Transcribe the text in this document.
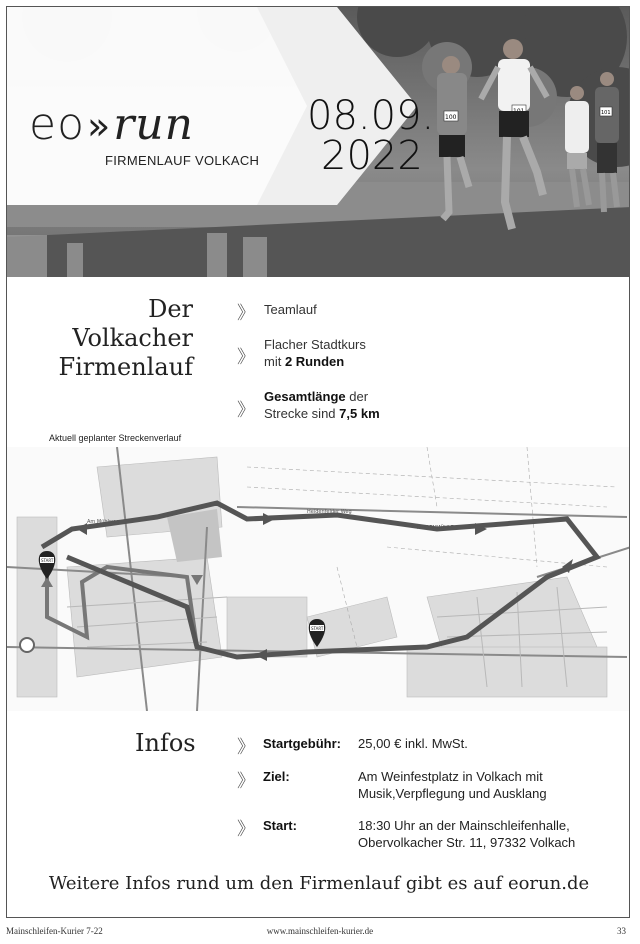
100
101
eo»run
FIRMENLAUF VOLKACH
08.09.
2022
Der
Volkacher
Firmenlauf
》 Teamlauf
》
Flacher Stadtkurs
mit 2 Runden
》
Gesamtlänge der
Strecke sind 7,5 km
Aktuell geplanter Streckenverlauf
Am Mühlweg
Heidenfelder Weg
HEIDENMÜHLE
START
START
Infos 》 Startgebühr: 25,00 € inkl. MwSt.
》 Ziel:	Am Weinfestplatz in Volkach mit
Musik,Verpflegung und Ausklang
》 Start:	18:30 Uhr an der Mainschleifenhalle,
Obervolkacher Str. 11, 97332 Volkach
Weitere Infos rund um den Firmenlauf gibt es auf eorun.de
Mainschleifen-Kurier 7-22	www.mainschleifen-kurier.de	33
